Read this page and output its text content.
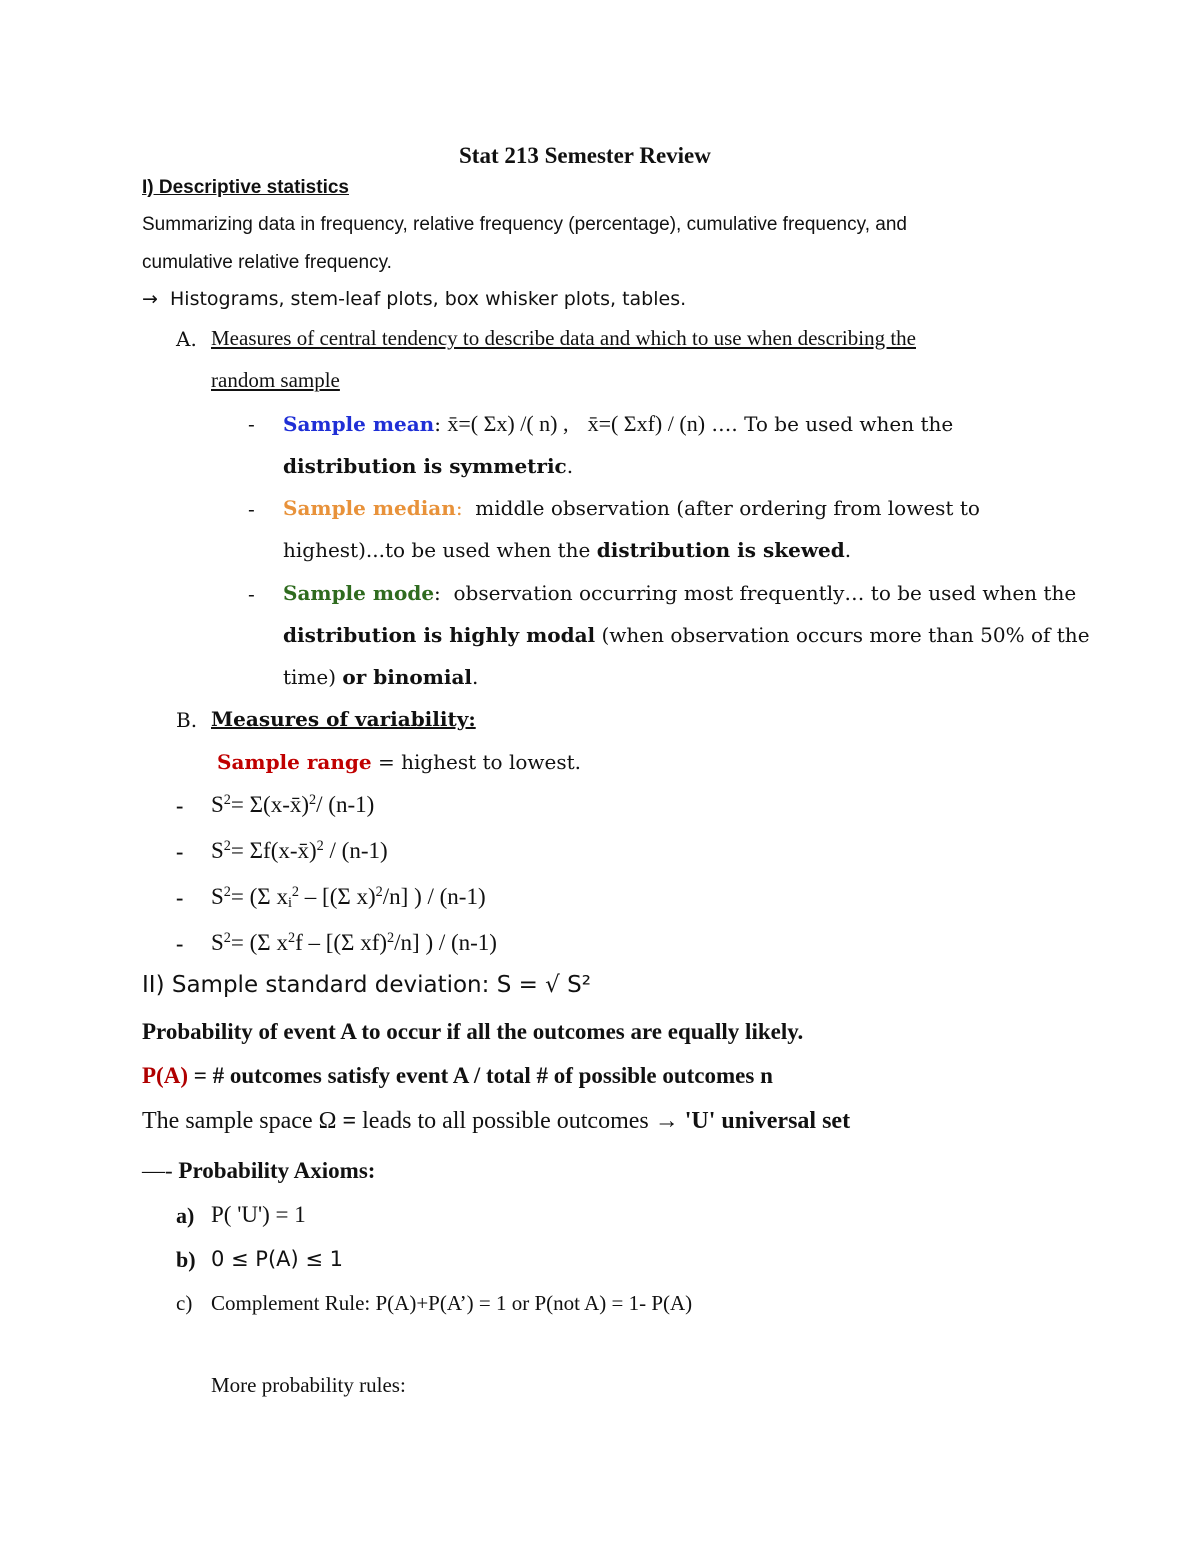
Stat 213 Semester Review
I) Descriptive statistics
Summarizing data in frequency, relative frequency (percentage), cumulative frequency, and
cumulative relative frequency.
→ Histograms, stem-leaf plots, box whisker plots, tables.
A. Measures of central tendency to describe data and which to use when describing the
random sample
- Sample mean: x̄=( Σx) /( n) , x̄=( Σxf) / (n) …. To be used when the
distribution is symmetric.
- Sample median: middle observation (after ordering from lowest to
highest)...to be used when the distribution is skewed.
- Sample mode:  observation occurring most frequently… to be used when the
distribution is highly modal (when observation occurs more than 50% of the
time) or binomial.
B. Measures of variability:
Sample range = highest to lowest.
- $S^2=$ Σ(x-x̄)$^2$/ (n-1)
- $S^2=$ Σf(x-x̄)$^2$ / (n-1)
- $S^2= (\Sigma$ $x_i^2 - [(\Sigma$ x)$^2$/n] ) / (n-1)
- $S^2= (\Sigma$ $x^2f - [(\Sigma$ xf)$^2$/n] ) / (n-1)
II) Sample standard deviation: S = √ S²
Probability of event A to occur if all the outcomes are equally likely.
P(A) = # outcomes satisfy event A / total # of possible outcomes n
The sample space Ω = leads to all possible outcomes → 'U' universal set
—- Probability Axioms:
a) P( 'U') = 1
b) 0 ≤ P(A) ≤ 1
c) Complement Rule: P(A)+P(A’) = 1 or P(not A) = 1- P(A)
More probability rules:
